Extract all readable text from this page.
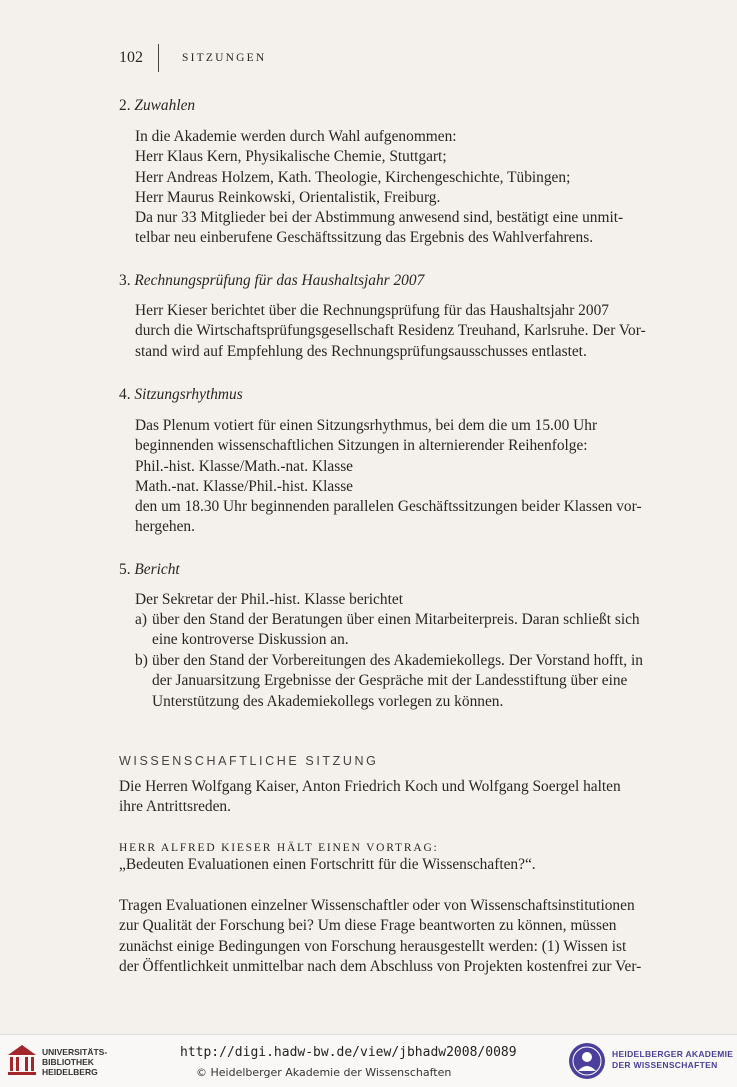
102	SITZUNGEN
2. Zuwahlen
In die Akademie werden durch Wahl aufgenommen:
Herr Klaus Kern, Physikalische Chemie, Stuttgart;
Herr Andreas Holzem, Kath. Theologie, Kirchengeschichte, Tübingen;
Herr Maurus Reinkowski, Orientalistik, Freiburg.
Da nur 33 Mitglieder bei der Abstimmung anwesend sind, bestätigt eine unmit-
telbar neu einberufene Geschäftssitzung das Ergebnis des Wahlverfahrens.
3. Rechnungsprüfung für das Haushaltsjahr 2007
Herr Kieser berichtet über die Rechnungsprüfung für das Haushaltsjahr 2007
durch die Wirtschaftsprüfungsgesellschaft Residenz Treuhand, Karlsruhe. Der Vor-
stand wird auf Empfehlung des Rechnungsprüfungsausschusses entlastet.
4. Sitzungsrhythmus
Das Plenum votiert für einen Sitzungsrhythmus, bei dem die um 15.00 Uhr
beginnenden wissenschaftlichen Sitzungen in alternierender Reihenfolge:
Phil.-hist. Klasse/Math.-nat. Klasse
Math.-nat. Klasse/Phil.-hist. Klasse
den um 18.30 Uhr beginnenden parallelen Geschäftssitzungen beider Klassen vor-
hergehen.
5. Bericht
Der Sekretar der Phil.-hist. Klasse berichtet
a) über den Stand der Beratungen über einen Mitarbeiterpreis. Daran schließt sich
eine kontroverse Diskussion an.
b) über den Stand der Vorbereitungen des Akademiekollegs. Der Vorstand hofft, in
der Januarsitzung Ergebnisse der Gespräche mit der Landesstiftung über eine
Unterstützung des Akademiekollegs vorlegen zu können.
WISSENSCHAFTLICHE SITZUNG
Die Herren Wolfgang Kaiser, Anton Friedrich Koch und Wolfgang Soergel halten
ihre Antrittsreden.
HERR ALFRED KIESER HÄLT EINEN VORTRAG:
„Bedeuten Evaluationen einen Fortschritt für die Wissenschaften?“.
Tragen Evaluationen einzelner Wissenschaftler oder von Wissenschaftsinstitutionen
zur Qualität der Forschung bei? Um diese Frage beantworten zu können, müssen
zunächst einige Bedingungen von Forschung herausgestellt werden: (1) Wissen ist
der Öffentlichkeit unmittelbar nach dem Abschluss von Projekten kostenfrei zur Ver-
UNIVERSITÄTS-
BIBLIOTHEK
HEIDELBERG
http://digi.hadw-bw.de/view/jbhadw2008/0089
© Heidelberger Akademie der Wissenschaften
HEIDELBERGER AKADEMIE
DER WISSENSCHAFTEN
